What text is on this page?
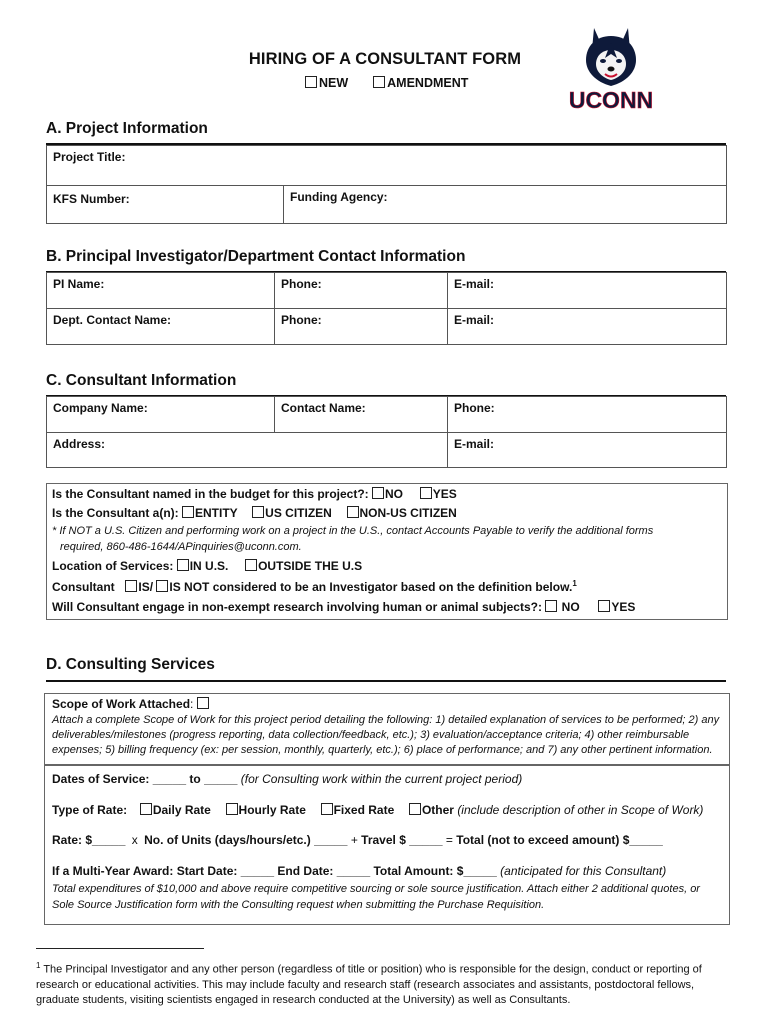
HIRING OF A CONSULTANT FORM
NEW	AMENDMENT
UCONN
A. Project Information
Project Title:
KFS Number:	Funding Agency:
B. Principal Investigator/Department Contact Information
PI Name:	Phone:	E-mail:
Dept. Contact Name:	Phone:	E-mail:
C. Consultant Information
Company Name:	Contact Name:	Phone:
Address:		E-mail:
Is the Consultant named in the budget for this project?: NO YES
Is the Consultant a(n): ENTITY US CITIZEN NON-US CITIZEN
* If NOT a U.S. Citizen and performing work on a project in the U.S., contact Accounts Payable to verify the additional forms
required, 860-486-1644/APinquiries@uconn.com.
Location of Services: IN U.S. OUTSIDE THE U.S
Consultant IS/ IS NOT considered to be an Investigator based on the definition below.$^1$
Will Consultant engage in non-exempt research involving human or animal subjects?: NO	YES
D. Consulting Services
Scope of Work Attached:
Attach a complete Scope of Work for this project period detailing the following: 1) detailed explanation of services to be performed; 2) any
deliverables/milestones (progress reporting, data collection/feedback, etc.); 3) evaluation/acceptance criteria; 4) other reimbursable
expenses; 5) billing frequency (ex: per session, monthly, quarterly, etc.); 6) place of performance; and 7) any other pertinent information.
Dates of Service: _____ to _____ (for Consulting work within the current project period)
Type of Rate: Daily Rate Hourly Rate Fixed Rate Other (include description of other in Scope of Work)
Rate: $_____ x No. of Units (days/hours/etc.) _____ + Travel $ _____ = Total (not to exceed amount) $_____
If a Multi-Year Award: Start Date: _____ End Date: _____ Total Amount: $_____ (anticipated for this Consultant)
Total expenditures of $10,000 and above require competitive sourcing or sole source justification. Attach either 2 additional quotes, or
Sole Source Justification form with the Consulting request when submitting the Purchase Requisition.
$^1$ The Principal Investigator and any other person (regardless of title or position) who is responsible for the design, conduct or reporting of research or educational activities. This may include faculty and research staff (research associates and assistants, postdoctoral fellows, graduate students, visiting scientists engaged in research conducted at the University) as well as Consultants.
